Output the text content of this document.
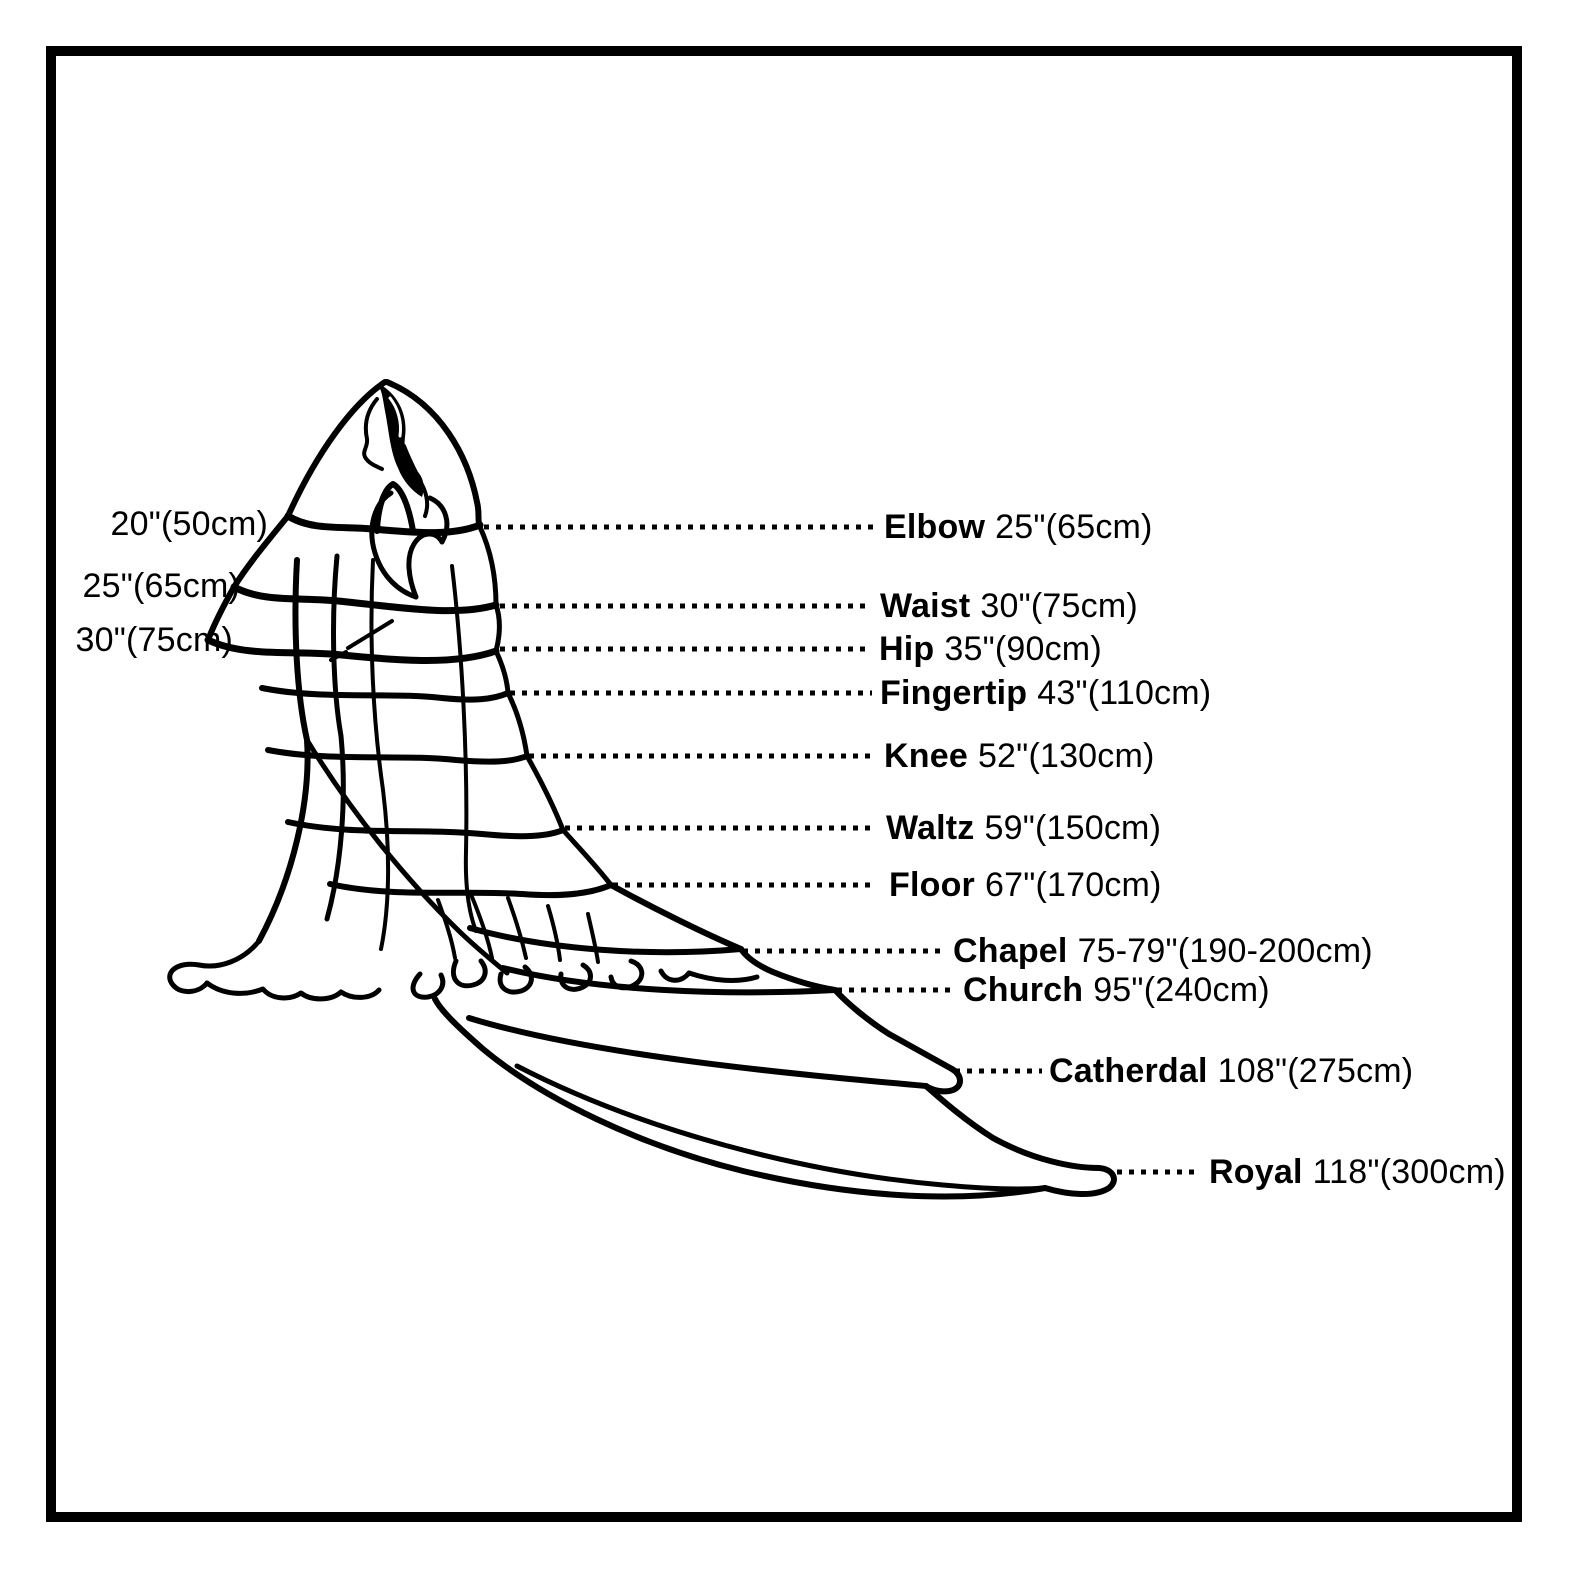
20"(50cm)
25"(65cm)
30"(75cm)
Elbow 25"(65cm)
Waist 30"(75cm)
Hip 35"(90cm)
Fingertip 43"(110cm)
Knee 52"(130cm)
Waltz 59"(150cm)
Floor 67"(170cm)
Chapel 75-79"(190-200cm)
Church 95"(240cm)
Catherdal 108"(275cm)
Royal 118"(300cm)
